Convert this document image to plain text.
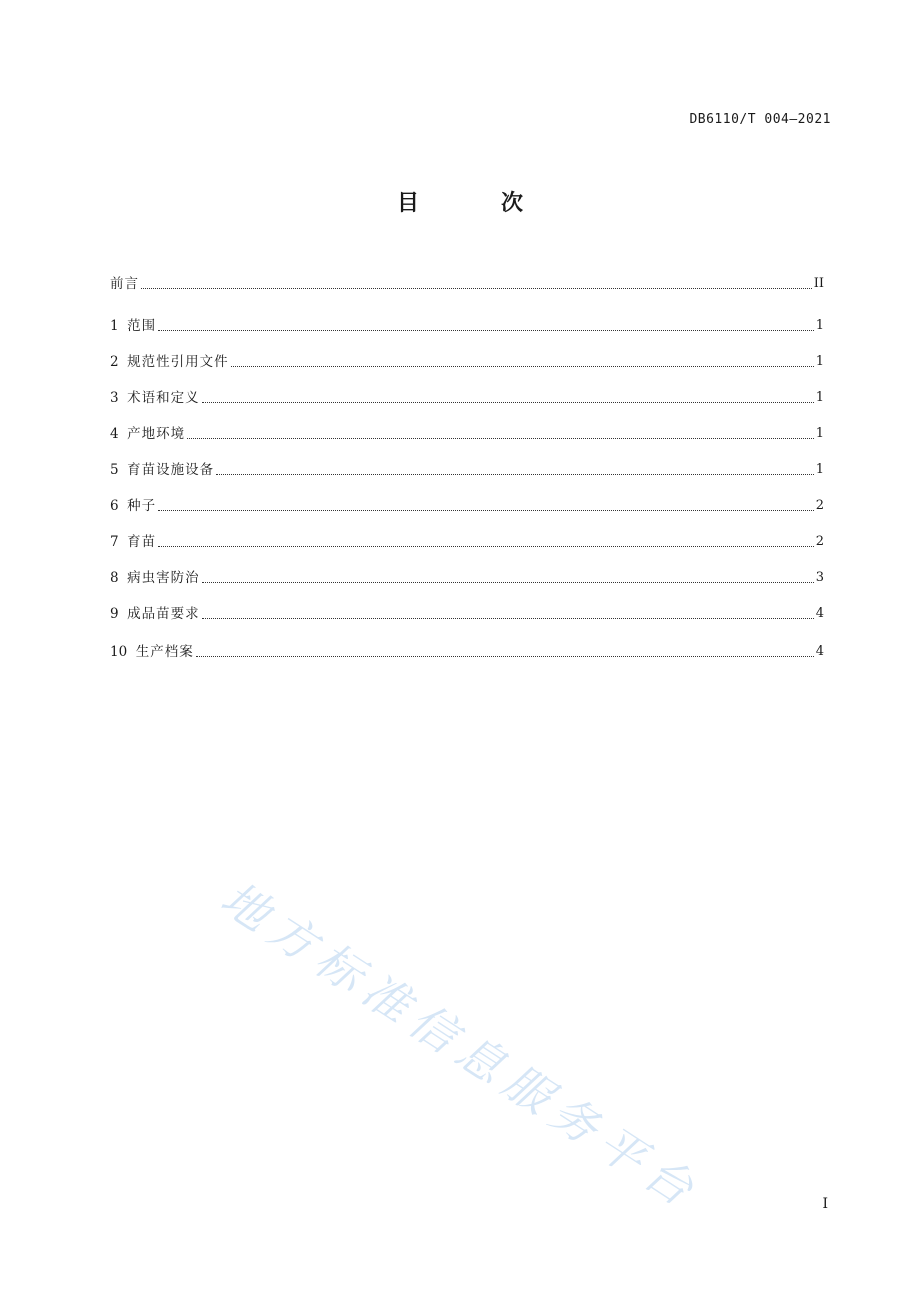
DB6110/T 004—2021
目　次
前言	II
1 范围	1
2 规范性引用文件	1
3 术语和定义	1
4 产地环境	1
5 育苗设施设备	1
6 种子	2
7 育苗	2
8 病虫害防治	3
9 成品苗要求	4
10 生产档案	4
地方标准信息服务平台	I
